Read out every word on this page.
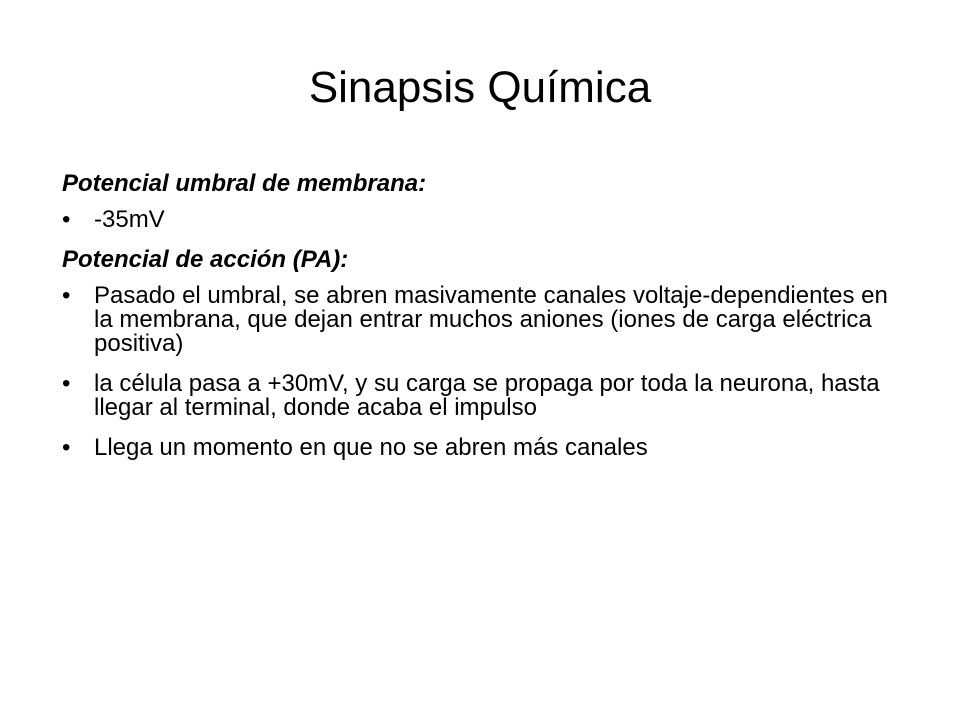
Sinapsis Química
Potencial umbral de membrana:
• -35mV
Potencial de acción (PA):
• Pasado el umbral, se abren masivamente canales voltaje-dependientes en la membrana, que dejan entrar muchos aniones (iones de carga eléctrica positiva)
• la célula pasa a +30mV, y su carga se propaga por toda la neurona, hasta llegar al terminal, donde acaba el impulso
• Llega un momento en que no se abren más canales
